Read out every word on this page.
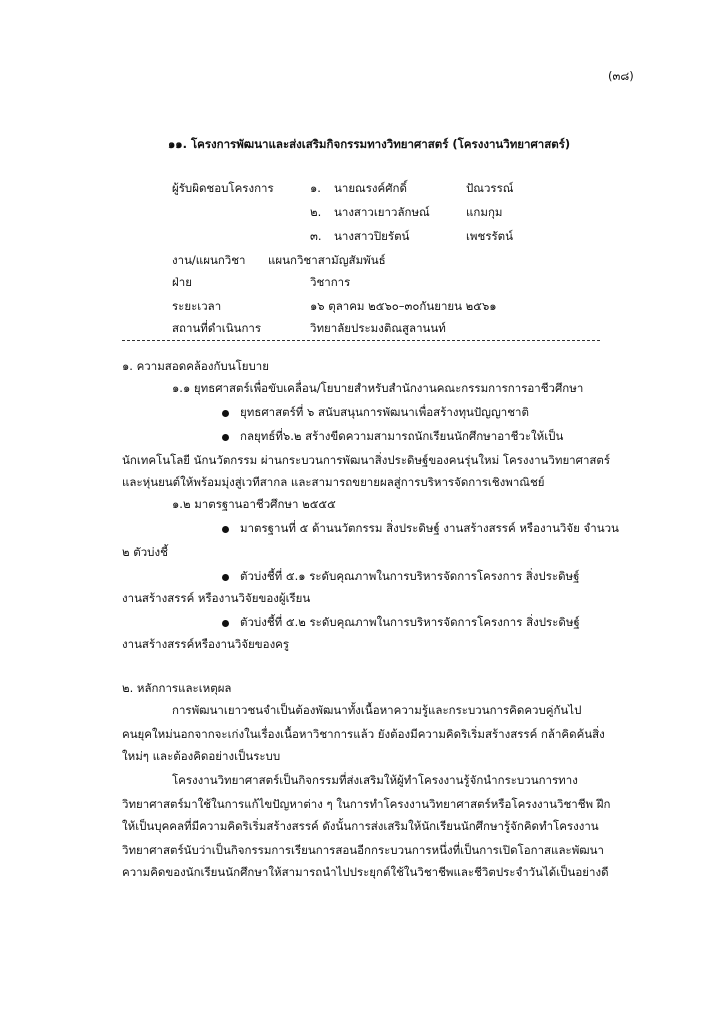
(๓๘)
๑๑. โครงการพัฒนาและส่งเสริมกิจกรรมทางวิทยาศาสตร์ (โครงงานวิทยาศาสตร์)
ผู้รับผิดชอบโครงการ	๑. นายณรงค์ศักดิ์	ปัณวรรณ์
๒. นางสาวเยาวลักษณ์	แกมกุม
๓. นางสาวปิยรัตน์	เพชรรัตน์
งาน/แผนกวิชา แผนกวิชาสามัญสัมพันธ์
ฝ่าย	วิชาการ
ระยะเวลา	๑๖ ตุลาคม ๒๕๖๐–๓๐กันยายน ๒๕๖๑
สถานที่ดำเนินการ	วิทยาลัยประมงติณสูลานนท์
๑. ความสอดคล้องกับนโยบาย
๑.๑ ยุทธศาสตร์เพื่อขับเคลื่อน/โยบายสำหรับสำนักงานคณะกรรมการการอาชีวศึกษา
ยุทธศาสตร์ที่ ๖ สนับสนุนการพัฒนาเพื่อสร้างทุนปัญญาชาติ
กลยุทธ์ที่๖.๒ สร้างขีดความสามารถนักเรียนนักศึกษาอาชีวะให้เป็น
นักเทคโนโลยี นักนวัตกรรม ผ่านกระบวนการพัฒนาสิ่งประดิษฐ์ของคนรุ่นใหม่ โครงงานวิทยาศาสตร์
และหุ่นยนต์ให้พร้อมมุ่งสู่เวทีสากล และสามารถขยายผลสู่การบริหารจัดการเชิงพาณิชย์
๑.๒ มาตรฐานอาชีวศึกษา ๒๕๕๕
มาตรฐานที่ ๕ ด้านนวัตกรรม สิ่งประดิษฐ์ งานสร้างสรรค์ หรืองานวิจัย จำนวน
๒ ตัวบ่งชี้
ตัวบ่งชี้ที่ ๕.๑ ระดับคุณภาพในการบริหารจัดการโครงการ สิ่งประดิษฐ์
งานสร้างสรรค์ หรืองานวิจัยของผู้เรียน
ตัวบ่งชี้ที่ ๕.๒ ระดับคุณภาพในการบริหารจัดการโครงการ สิ่งประดิษฐ์
งานสร้างสรรค์หรืองานวิจัยของครู
๒. หลักการและเหตุผล
การพัฒนาเยาวชนจำเป็นต้องพัฒนาทั้งเนื้อหาความรู้และกระบวนการคิดควบคู่กันไป
คนยุคใหม่นอกจากจะเก่งในเรื่องเนื้อหาวิชาการแล้ว ยังต้องมีความคิดริเริ่มสร้างสรรค์ กล้าคิดค้นสิ่ง
ใหม่ๆ และต้องคิดอย่างเป็นระบบ
โครงงานวิทยาศาสตร์เป็นกิจกรรมที่ส่งเสริมให้ผู้ทำโครงงานรู้จักนำกระบวนการทาง
วิทยาศาสตร์มาใช้ในการแก้ไขปัญหาต่าง ๆ ในการทำโครงงานวิทยาศาสตร์หรือโครงงานวิชาชีพ ฝึก
ให้เป็นบุคคลที่มีความคิดริเริ่มสร้างสรรค์ ดังนั้นการส่งเสริมให้นักเรียนนักศึกษารู้จักคิดทำโครงงาน
วิทยาศาสตร์นับว่าเป็นกิจกรรมการเรียนการสอนอีกกระบวนการหนึ่งที่เป็นการเปิดโอกาสและพัฒนา
ความคิดของนักเรียนนักศึกษาให้สามารถนำไปประยุกต์ใช้ในวิชาชีพและชีวิตประจำวันได้เป็นอย่างดี
